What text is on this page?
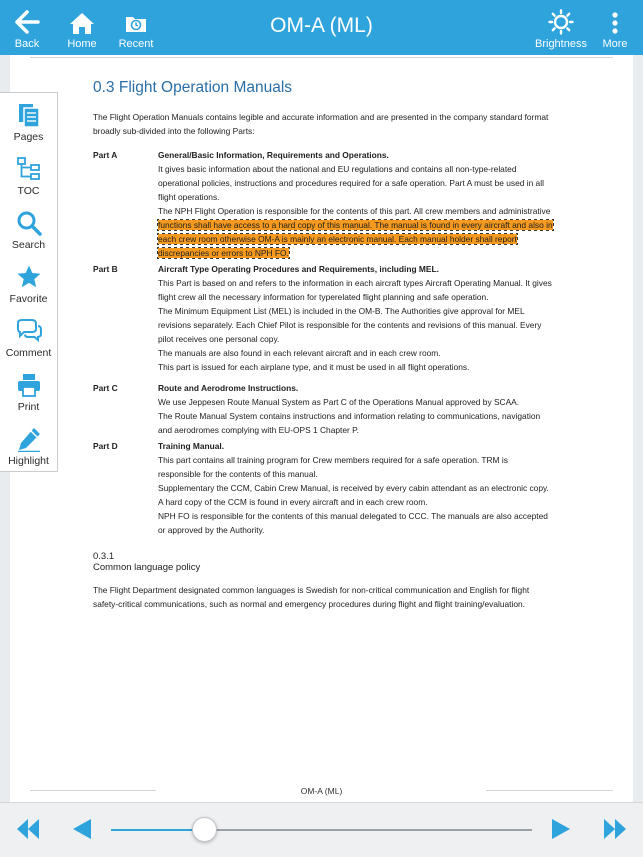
Back	Home Recent
OM-A (ML)
Brightness More
0.3 Flight Operation Manuals
The Flight Operation Manuals contains legible and accurate information and are presented in the company standard format broadly sub-divided into the following Parts:
Part A	General/Basic Information, Requirements and Operations.

It gives basic information about the national and EU regulations and contains all non-type-related operational policies, instructions and procedures required for a safe operation. Part A must be used in all flight operations.

The NPH Flight Operation is responsible for the contents of this part. All crew members and administrative functions shall have access to a hard copy of this manual. The manual is found in every aircraft and also in each crew room otherwise OM-A is mainly an electronic manual. Each manual holder shall report discrepancies or errors to NPH FO.

Part B	Aircraft Type Operating Procedures and Requirements, including MEL.

This Part is based on and refers to the information in each aircraft types Aircraft Operating Manual. It gives flight crew all the necessary information for typerelated flight planning and safe operation.

The Minimum Equipment List (MEL) is included in the OM-B. The Authorities give approval for MEL revisions separately. Each Chief Pilot is responsible for the contents and revisions of this manual. Every pilot receives one personal copy.

The manuals are also found in each relevant aircraft and in each crew room.

This part is issued for each airplane type, and it must be used in all flight operations.

Part C	Route and Aerodrome Instructions.

We use Jeppesen Route Manual System as Part C of the Operations Manual approved by SCAA.

The Route Manual System contains instructions and information relating to communications, navigation and aerodromes complying with EU-OPS 1 Chapter P.

Part D	Training Manual.

This part contains all training program for Crew members required for a safe operation. TRM is responsible for the contents of this manual.

Supplementary the CCM, Cabin Crew Manual, is received by every cabin attendant as an electronic copy. A hard copy of the CCM is found in every aircraft and in each crew room.

NPH FO is responsible for the contents of this manual delegated to CCC. The manuals are also accepted or approved by the Authority.

0.3.1
Common language policy
The Flight Department designated common languages is Swedish for non-critical communication and English for flight safety-critical communications, such as normal and emergency procedures during flight and flight training/evaluation.
OM-A (ML)
Pages
TOC
Search
Favorite
Comment
Print
Highlight
